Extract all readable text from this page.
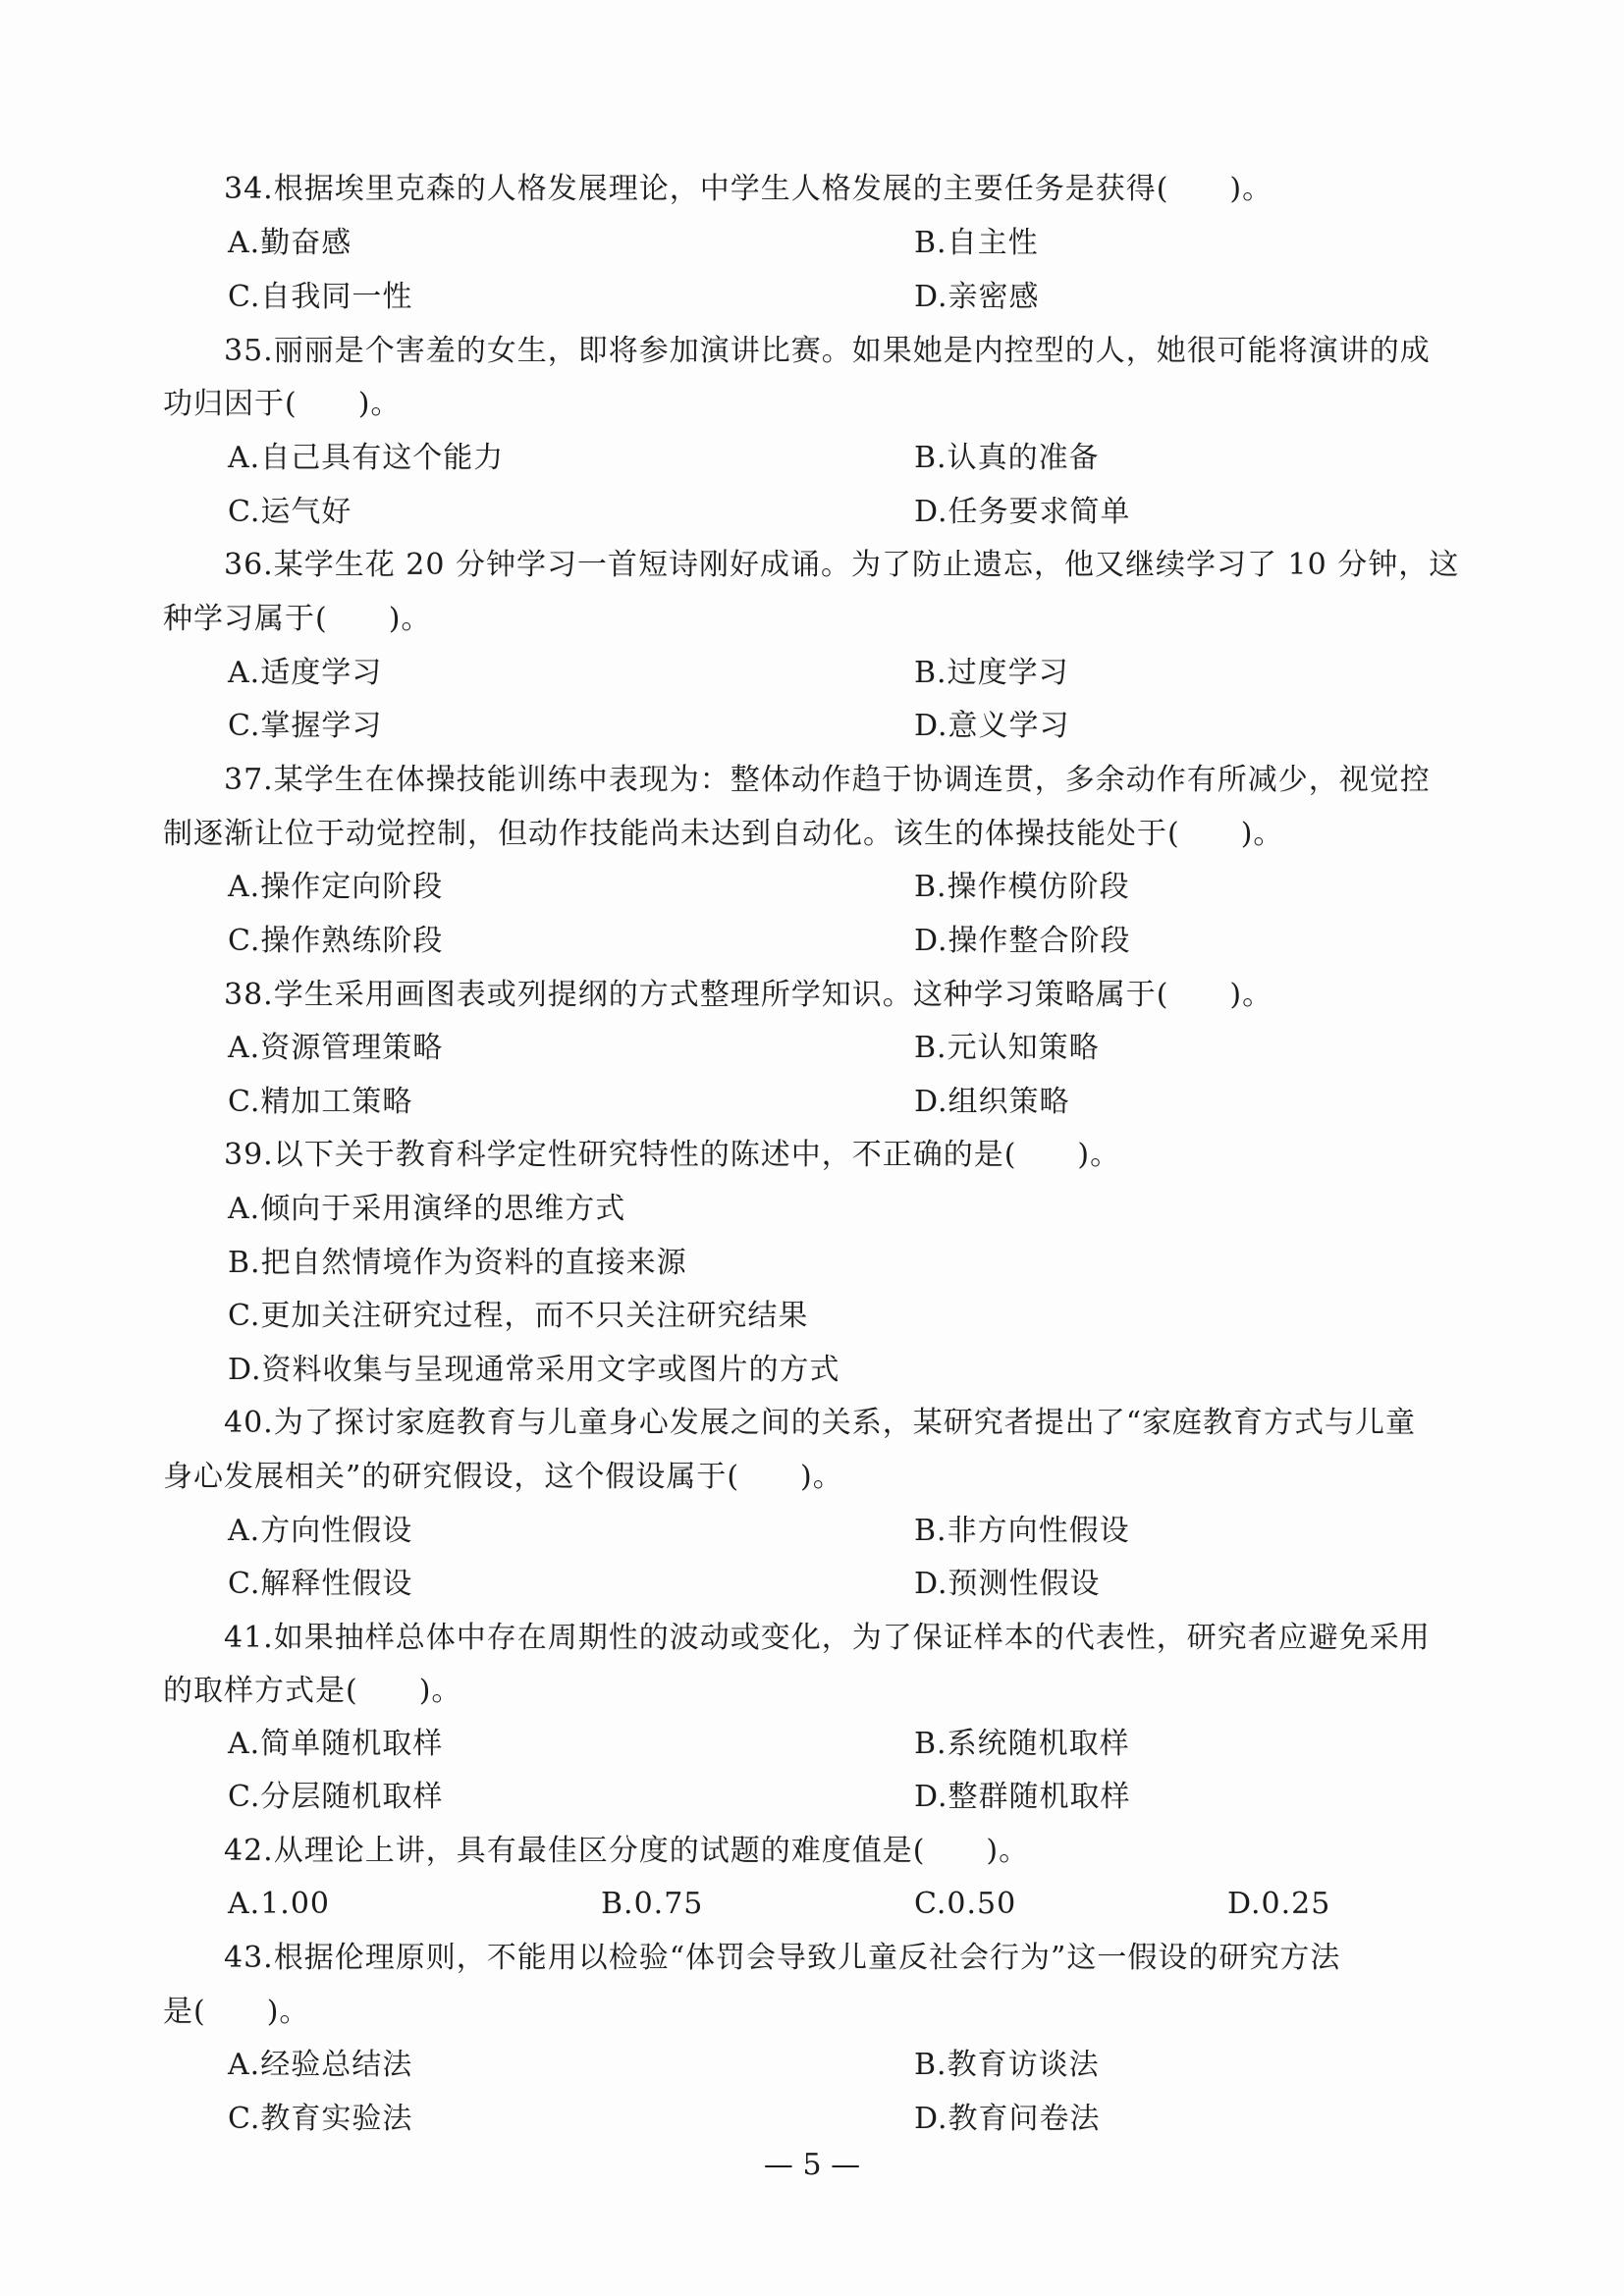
34.根据埃里克森的人格发展理论，中学生人格发展的主要任务是获得(　　)。
A.勤奋感	B.自主性
C.自我同一性	D.亲密感
35.丽丽是个害羞的女生，即将参加演讲比赛。如果她是内控型的人，她很可能将演讲的成
功归因于(　　)。
A.自己具有这个能力	B.认真的准备
C.运气好	D.任务要求简单
36.某学生花 20 分钟学习一首短诗刚好成诵。为了防止遗忘，他又继续学习了 10 分钟，这
种学习属于(　　)。
A.适度学习	B.过度学习
C.掌握学习	D.意义学习
37.某学生在体操技能训练中表现为：整体动作趋于协调连贯，多余动作有所减少，视觉控
制逐渐让位于动觉控制，但动作技能尚未达到自动化。该生的体操技能处于(　　)。
A.操作定向阶段	B.操作模仿阶段
C.操作熟练阶段	D.操作整合阶段
38.学生采用画图表或列提纲的方式整理所学知识。这种学习策略属于(　　)。
A.资源管理策略	B.元认知策略
C.精加工策略	D.组织策略
39.以下关于教育科学定性研究特性的陈述中，不正确的是(　　)。
A.倾向于采用演绎的思维方式
B.把自然情境作为资料的直接来源
C.更加关注研究过程，而不只关注研究结果
D.资料收集与呈现通常采用文字或图片的方式
40.为了探讨家庭教育与儿童身心发展之间的关系，某研究者提出了“家庭教育方式与儿童
身心发展相关”的研究假设，这个假设属于(　　)。
A.方向性假设	B.非方向性假设
C.解释性假设	D.预测性假设
41.如果抽样总体中存在周期性的波动或变化，为了保证样本的代表性，研究者应避免采用
的取样方式是(　　)。
A.简单随机取样	B.系统随机取样
C.分层随机取样	D.整群随机取样
42.从理论上讲，具有最佳区分度的试题的难度值是(　　)。
A.1.00	B.0.75	C.0.50	D.0.25
43.根据伦理原则，不能用以检验“体罚会导致儿童反社会行为”这一假设的研究方法
是(　　)。
A.经验总结法	B.教育访谈法
C.教育实验法	D.教育问卷法
— 5 —
